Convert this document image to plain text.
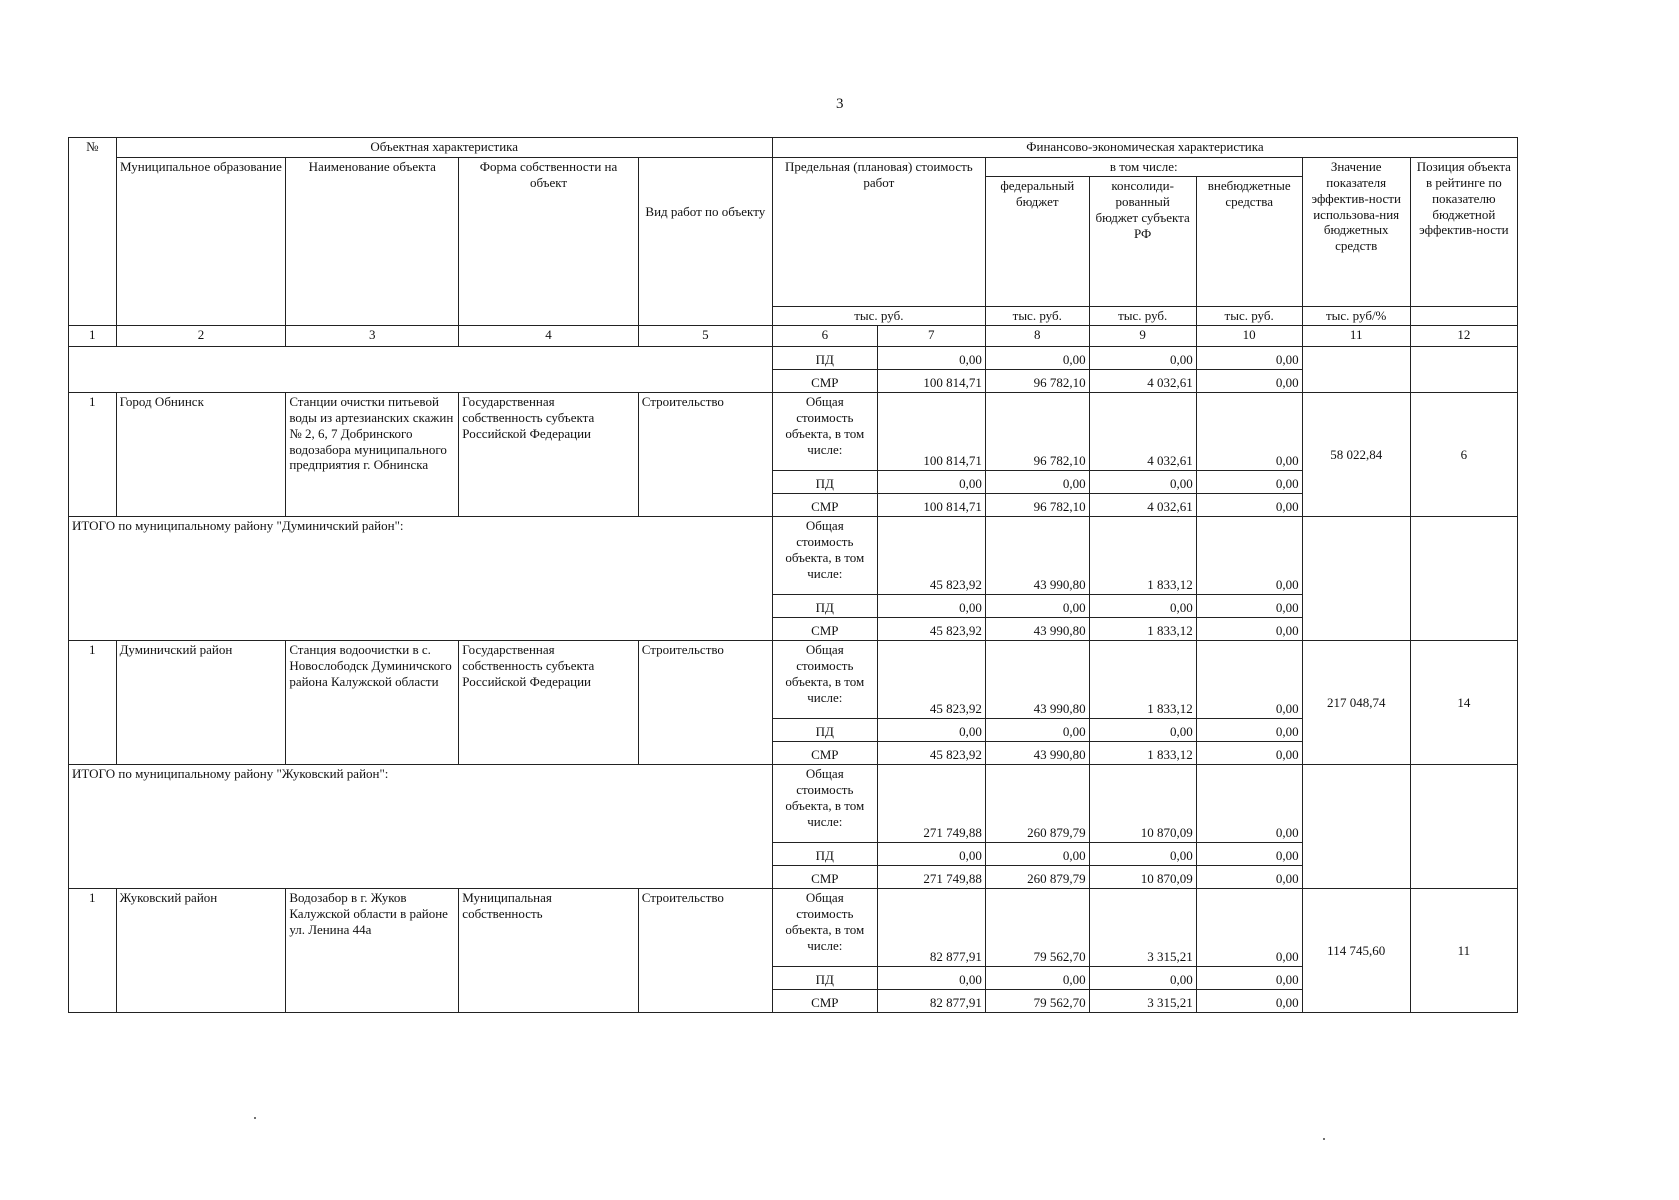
3
№	Объектная характеристика				Финансово-экономическая характеристика						
	Муниципальное образование	Наименование объекта	Форма собственности на объект	Вид работ по объекту	Предельная (плановая) стоимость работ		в том числе:			Значение показателя эффектив-ности использова-ния бюджетных средств	Позиция объекта в рейтинге по показателю бюджетной эффектив-ности
							федеральный бюджет	консолиди-рованный бюджет субъекта РФ	внебюджетные средства		
					тыс. руб.		тыс. руб.	тыс. руб.	тыс. руб.	тыс. руб/%	
1	2	3	4	5	6	7	8	9	10	11	12
					ПД	0,00	0,00	0,00	0,00		
					СМР	100 814,71	96 782,10	4 032,61	0,00		
1	Город Обнинск	Станции очистки питьевой воды из артезианских скажин № 2, 6, 7 Добринского водозабора муниципального предприятия г. Обнинска	Государственная собственность субъекта Российской Федерации	Строительство	Общая стоимость объекта, в том числе:	100 814,71	96 782,10	4 032,61	0,00	58 022,84	6
					ПД	0,00	0,00	0,00	0,00		
					СМР	100 814,71	96 782,10	4 032,61	0,00		
ИТОГО по муниципальному району "Думиничский район":					Общая стоимость объекта, в том числе:	45 823,92	43 990,80	1 833,12	0,00		
					ПД	0,00	0,00	0,00	0,00		
					СМР	45 823,92	43 990,80	1 833,12	0,00		
1	Думиничский район	Станция водоочистки в с. Новослободск Думиничского района Калужской области	Государственная собственность субъекта Российской Федерации	Строительство	Общая стоимость объекта, в том числе:	45 823,92	43 990,80	1 833,12	0,00	217 048,74	14
					ПД	0,00	0,00	0,00	0,00		
					СМР	45 823,92	43 990,80	1 833,12	0,00		
ИТОГО по муниципальному району "Жуковский район":					Общая стоимость объекта, в том числе:	271 749,88	260 879,79	10 870,09	0,00		
					ПД	0,00	0,00	0,00	0,00		
					СМР	271 749,88	260 879,79	10 870,09	0,00		
1	Жуковский район	Водозабор в г. Жуков Калужской области в районе ул. Ленина 44а	Муниципальная собственность	Строительство	Общая стоимость объекта, в том числе:	82 877,91	79 562,70	3 315,21	0,00	114 745,60	11
					ПД	0,00	0,00	0,00	0,00		
					СМР	82 877,91	79 562,70	3 315,21	0,00		
